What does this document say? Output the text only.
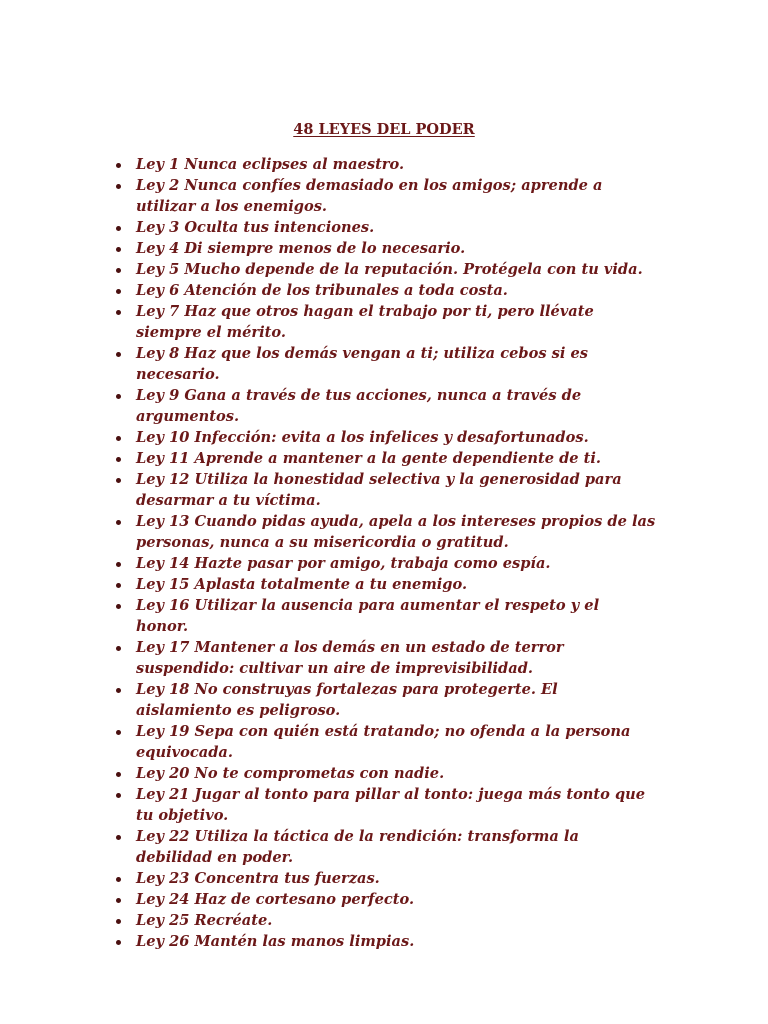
48 LEYES DEL PODER
Ley 1 Nunca eclipses al maestro.
Ley 2 Nunca confíes demasiado en los amigos; aprende a utilizar a los enemigos.
Ley 3 Oculta tus intenciones.
Ley 4 Di siempre menos de lo necesario.
Ley 5 Mucho depende de la reputación. Protégela con tu vida.
Ley 6 Atención de los tribunales a toda costa.
Ley 7 Haz que otros hagan el trabajo por ti, pero llévate siempre el mérito.
Ley 8 Haz que los demás vengan a ti; utiliza cebos si es necesario.
Ley 9 Gana a través de tus acciones, nunca a través de argumentos.
Ley 10 Infección: evita a los infelices y desafortunados.
Ley 11 Aprende a mantener a la gente dependiente de ti.
Ley 12 Utiliza la honestidad selectiva y la generosidad para desarmar a tu víctima.
Ley 13 Cuando pidas ayuda, apela a los intereses propios de las personas, nunca a su misericordia o gratitud.
Ley 14 Hazte pasar por amigo, trabaja como espía.
Ley 15 Aplasta totalmente a tu enemigo.
Ley 16 Utilizar la ausencia para aumentar el respeto y el honor.
Ley 17 Mantener a los demás en un estado de terror suspendido: cultivar un aire de imprevisibilidad.
Ley 18 No construyas fortalezas para protegerte. El aislamiento es peligroso.
Ley 19 Sepa con quién está tratando; no ofenda a la persona equivocada.
Ley 20 No te comprometas con nadie.
Ley 21 Jugar al tonto para pillar al tonto: juega más tonto que tu objetivo.
Ley 22 Utiliza la táctica de la rendición: transforma la debilidad en poder.
Ley 23 Concentra tus fuerzas.
Ley 24 Haz de cortesano perfecto.
Ley 25 Recréate.
Ley 26 Mantén las manos limpias.
